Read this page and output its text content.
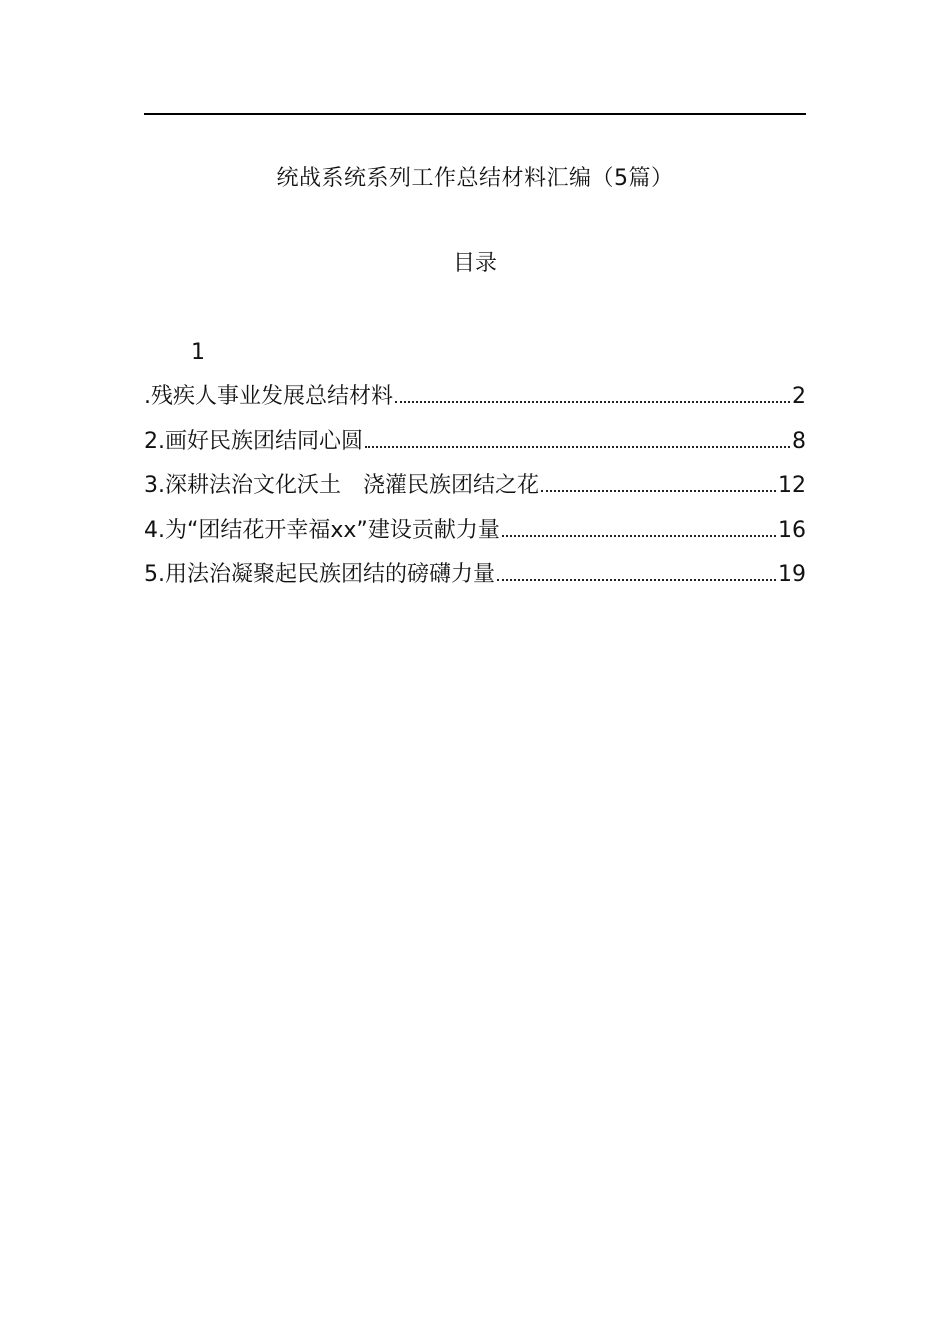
统战系统系列工作总结材料汇编（5篇）
目录
1
.残疾人事业发展总结材料	2
2.画好民族团结同心圆	8
3.深耕法治文化沃土　浇灌民族团结之花	12
4.为“团结花开幸福xx”建设贡献力量	16
5.用法治凝聚起民族团结的磅礴力量	19
